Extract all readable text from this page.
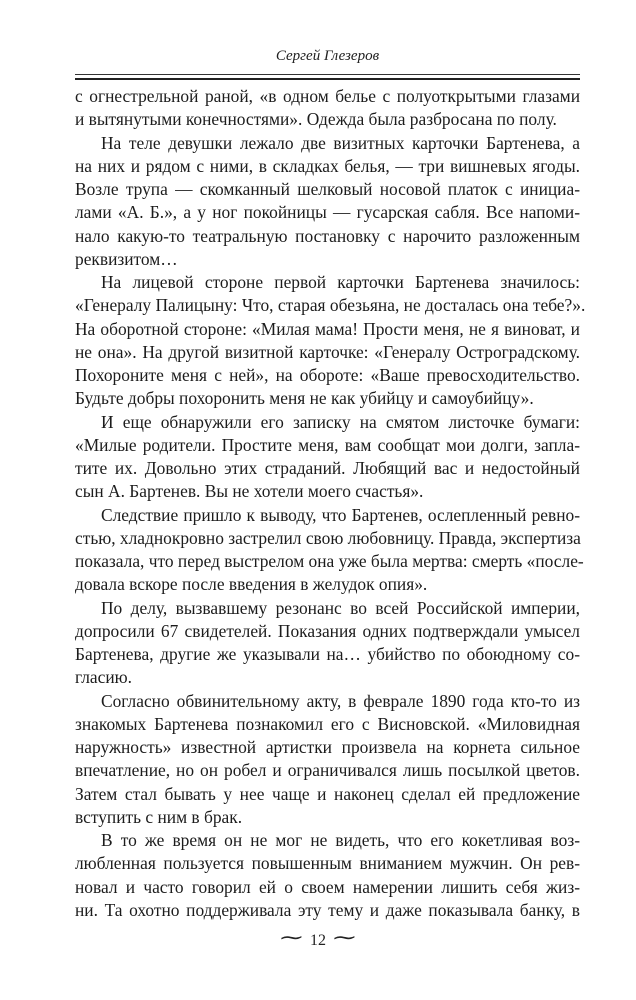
Сергей Глезеров
с огнестрельной раной, «в одном белье с полуоткрытыми глазами
и вытянутыми конечностями». Одежда была разбросана по полу.
На теле девушки лежало две визитных карточки Бартенева, а
на них и рядом с ними, в складках белья, — три вишневых ягоды.
Возле трупа — скомканный шелковый носовой платок с инициа-
лами «А. Б.», а у ног покойницы — гусарская сабля. Все напоми-
нало какую-то театральную постановку с нарочито разложенным
реквизитом…
На лицевой стороне первой карточки Бартенева значилось:
«Генералу Палицыну: Что, старая обезьяна, не досталась она тебе?».
На оборотной стороне: «Милая мама! Прости меня, не я виноват, и
не она». На другой визитной карточке: «Генералу Остроградскому.
Похороните меня с ней», на обороте: «Ваше превосходительство.
Будьте добры похоронить меня не как убийцу и самоубийцу».
И еще обнаружили его записку на смятом листочке бумаги:
«Милые родители. Простите меня, вам сообщат мои долги, запла-
тите их. Довольно этих страданий. Любящий вас и недостойный
сын А. Бартенев. Вы не хотели моего счастья».
Следствие пришло к выводу, что Бартенев, ослепленный ревно-
стью, хладнокровно застрелил свою любовницу. Правда, экспертиза
показала, что перед выстрелом она уже была мертва: смерть «после-
довала вскоре после введения в желудок опия».
По делу, вызвавшему резонанс во всей Российской империи,
допросили 67 свидетелей. Показания одних подтверждали умысел
Бартенева, другие же указывали на… убийство по обоюдному со-
гласию.
Согласно обвинительному акту, в феврале 1890 года кто-то из
знакомых Бартенева познакомил его с Висновской. «Миловидная
наружность» известной артистки произвела на корнета сильное
впечатление, но он робел и ограничивался лишь посылкой цветов.
Затем стал бывать у нее чаще и наконец сделал ей предложение
вступить с ним в брак.
В то же время он не мог не видеть, что его кокетливая воз-
любленная пользуется повышенным вниманием мужчин. Он рев-
новал и часто говорил ей о своем намерении лишить себя жиз-
ни. Та охотно поддерживала эту тему и даже показывала банку, в
∼ 12 ∼
